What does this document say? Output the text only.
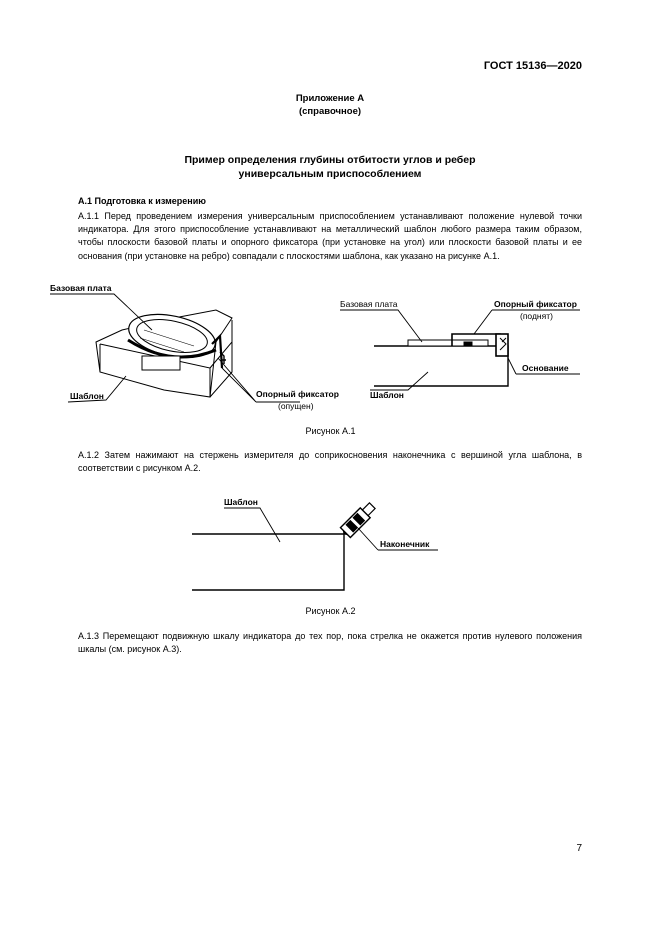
ГОСТ 15136—2020
Приложение А
(справочное)
Пример определения глубины отбитости углов и ребер
универсальным приспособлением
А.1 Подготовка к измерению
А.1.1 Перед проведением измерения универсальным приспособлением устанавливают положение нулевой точки индикатора. Для этого приспособление устанавливают на металлический шаблон любого размера таким образом, чтобы плоскости базовой платы и опорного фиксатора (при установке на угол) или плоскости базовой платы и ее основания (при установке на ребро) совпадали с плоскостями шаблона, как указано на рисунке А.1.
Базовая плата
Шаблон	Опорный фиксатор
(опущен)
Базовая плата	Опорный фиксатор
(поднят)
Основание
Шаблон
Рисунок А.1
А.1.2 Затем нажимают на стержень измерителя до соприкосновения наконечника с вершиной угла шаблона, в соответствии с рисунком А.2.
Шаблон
Наконечник
Рисунок А.2
А.1.3 Перемещают подвижную шкалу индикатора до тех пор, пока стрелка не окажется против нулевого положения шкалы (см. рисунок А.3).
7
